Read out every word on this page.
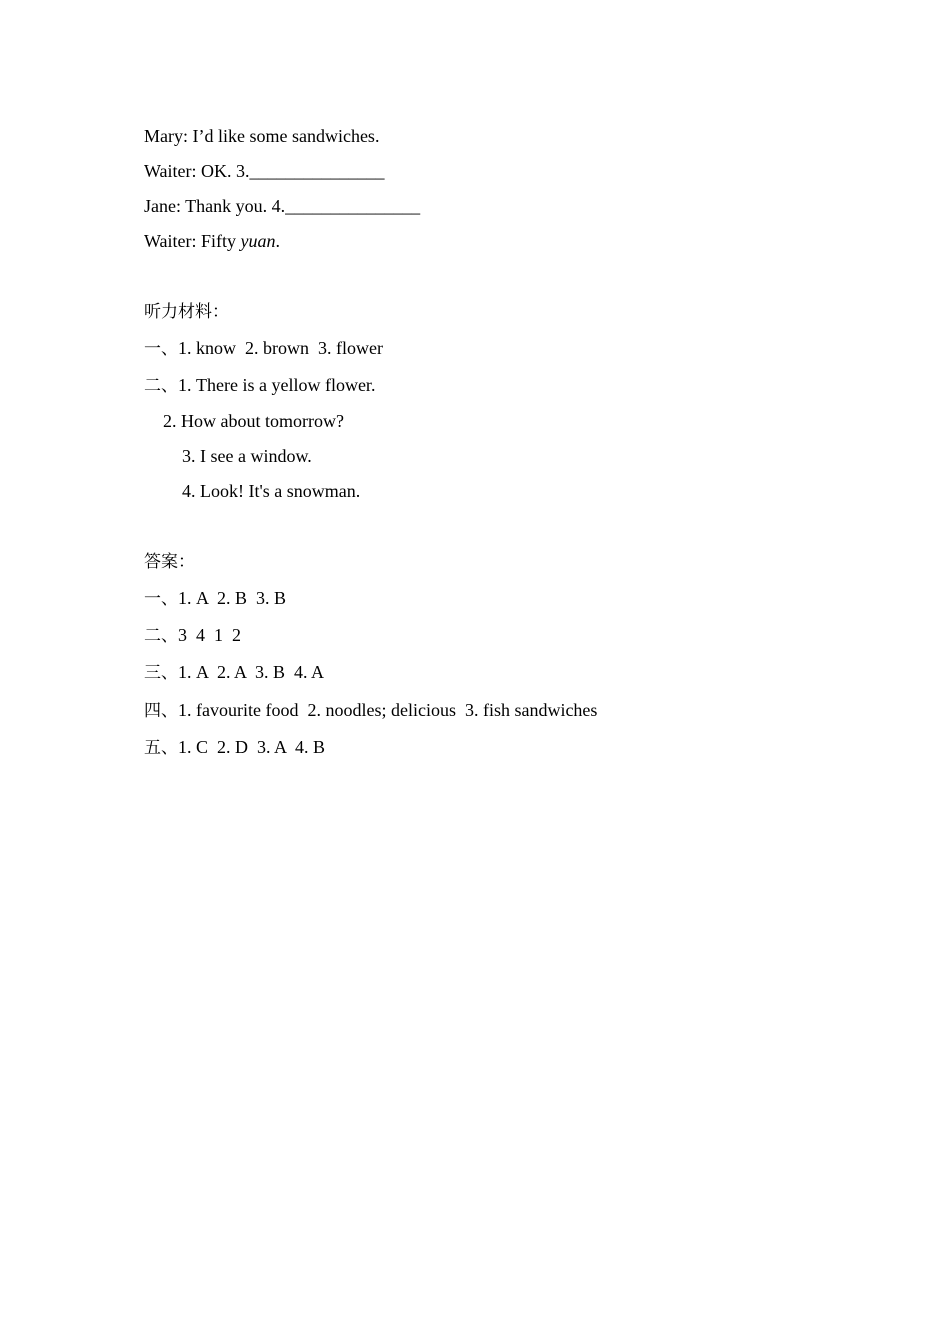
Mary: I’d like some sandwiches.
Waiter: OK. 3._______________
Jane: Thank you. 4._______________
Waiter: Fifty yuan.
听力材料：
一、1. know  2. brown  3. flower
二、1. There is a yellow flower.
2. How about tomorrow?
3. I see a window.
4. Look! It's a snowman.
答案：
一、1. A  2. B  3. B
二、3  4  1  2
三、1. A  2. A  3. B  4. A
四、1. favourite food  2. noodles; delicious  3. fish sandwiches
五、1. C  2. D  3. A  4. B
